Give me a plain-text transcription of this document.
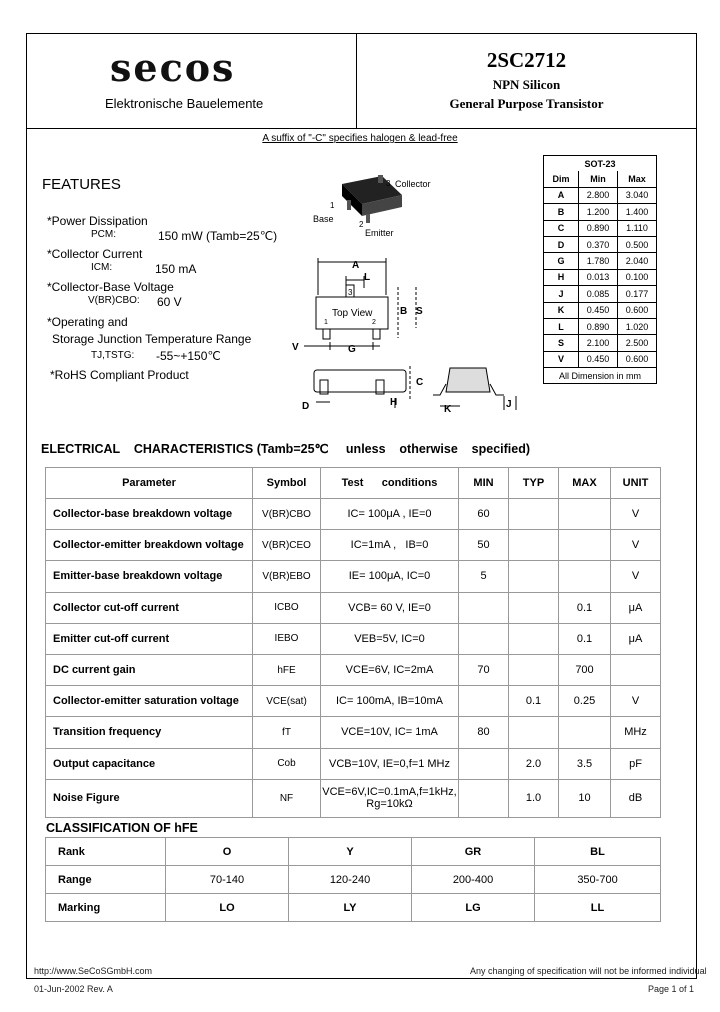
secos
Elektronische Bauelemente
2SC2712
NPN Silicon
General Purpose Transistor
A suffix of "-C" specifies halogen & lead-free
FEATURES
*Power Dissipation
PCM:	150 mW (Tamb=25℃)
*Collector Current
ICM:	150 mA
*Collector-Base Voltage
V(BR)CBO: 60 V
*Operating and
Storage Junction Temperature Range
TJ,TSTG: -55~+150℃
*RoHS Compliant Product
3 Collector
1
Base
2
Emitter
A
L
3
Top View
1	2
S
B
V	G
C
D	H
K	J
SOT-23		
Dim	Min	Max
A	2.800	3.040
B	1.200	1.400
C	0.890	1.110
D	0.370	0.500
G	1.780	2.040
H	0.013	0.100
J	0.085	0.177
K	0.450	0.600
L	0.890	1.020
S	2.100	2.500
V	0.450	0.600
All Dimension in mm		
ELECTRICAL    CHARACTERISTICS (Tamb=25℃     unless    otherwise    specified)
Parameter	Symbol	Test      conditions	MIN	TYP	MAX	UNIT
Collector-base breakdown voltage	V(BR)CBO	IC= 100μA , IE=0	60			V
Collector-emitter breakdown voltage	V(BR)CEO	IC=1mA ,   IB=0	50			V
Emitter-base breakdown voltage	V(BR)EBO	IE= 100μA, IC=0	5			V
Collector cut-off current	ICBO	VCB= 60 V, IE=0			0.1	μA
Emitter cut-off current	IEBO	VEB=5V, IC=0			0.1	μA
DC current gain	hFE	VCE=6V, IC=2mA	70		700	
Collector-emitter saturation voltage	VCE(sat)	IC= 100mA, IB=10mA		0.1	0.25	V
Transition frequency	fT	VCE=10V, IC= 1mA	80			MHz
Output capacitance	Cob	VCB=10V, IE=0,f=1 MHz		2.0	3.5	pF
Noise Figure	NF	VCE=6V,IC=0.1mA,f=1kHz,
Rg=10kΩ		1.0	10	dB
CLASSIFICATION OF hFE
Rank	O	Y	GR	BL
Range	70-140	120-240	200-400	350-700
Marking	LO	LY	LG	LL
http://www.SeCoSGmbH.com	Any changing of specification will not be informed individual
01-Jun-2002 Rev. A	Page 1 of 1
